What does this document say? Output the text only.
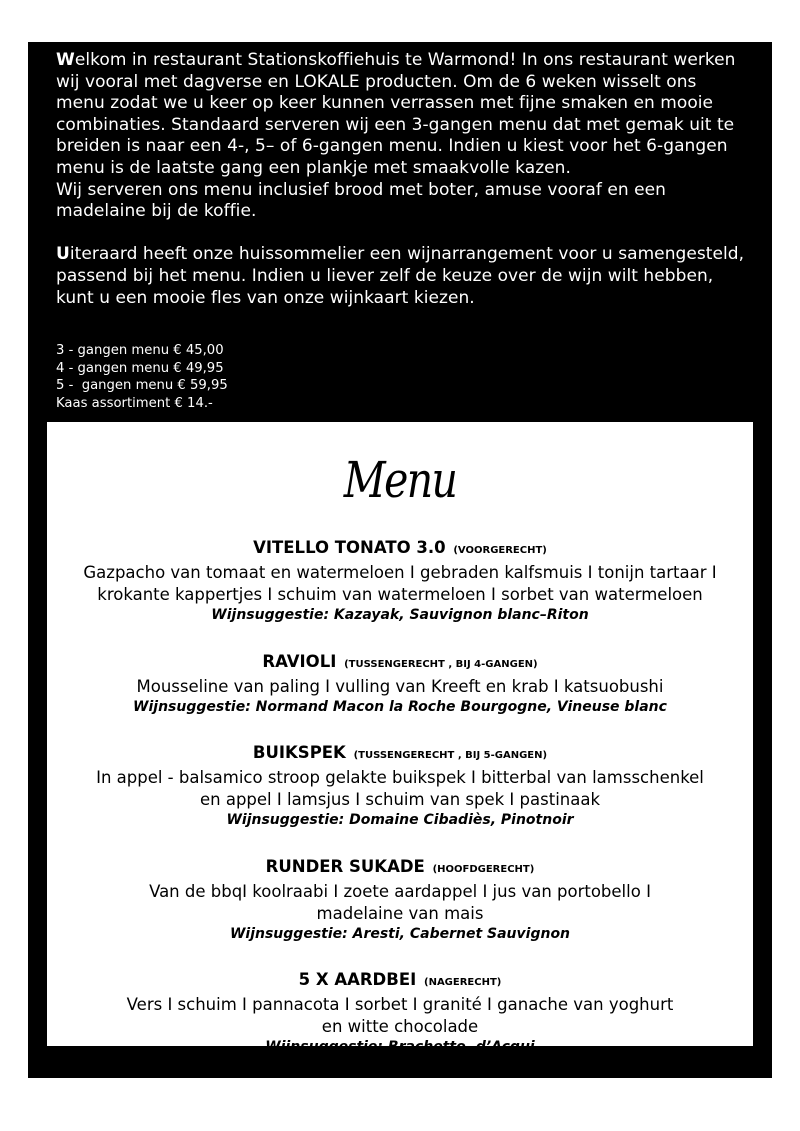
Welkom in restaurant Stationskoffiehuis te Warmond! In ons restaurant werken
wij vooral met dagverse en LOKALE producten. Om de 6 weken wisselt ons
menu zodat we u keer op keer kunnen verrassen met fijne smaken en mooie
combinaties. Standaard serveren wij een 3-gangen menu dat met gemak uit te
breiden is naar een 4-, 5– of 6-gangen menu. Indien u kiest voor het 6-gangen
menu is de laatste gang een plankje met smaakvolle kazen.
Wij serveren ons menu inclusief brood met boter, amuse vooraf en een
madelaine bij de koffie.

Uiteraard heeft onze huissommelier een wijnarrangement voor u samengesteld,
passend bij het menu. Indien u liever zelf de keuze over de wijn wilt hebben,
kunt u een mooie fles van onze wijnkaart kiezen.

3 - gangen menu € 45,00
4 - gangen menu € 49,95
5 -  gangen menu € 59,95
Kaas assortiment € 14.-
Menu
VITELLO TONATO 3.0 (VOORGERECHT)
Gazpacho van tomaat en watermeloen I gebraden kalfsmuis I tonijn tartaar I
krokante kappertjes I schuim van watermeloen I sorbet van watermeloen
Wijnsuggestie: Kazayak, Sauvignon blanc–Riton
RAVIOLI (TUSSENGERECHT , BIJ 4-GANGEN)
Mousseline van paling I vulling van Kreeft en krab I katsuobushi
Wijnsuggestie: Normand Macon la Roche Bourgogne, Vineuse blanc
BUIKSPEK (TUSSENGERECHT , BIJ 5-GANGEN)
In appel - balsamico stroop gelakte buikspek I bitterbal van lamsschenkel
en appel I lamsjus I schuim van spek I pastinaak
Wijnsuggestie: Domaine Cibadiès, Pinotnoir
RUNDER SUKADE (HOOFDGERECHT)
Van de bbqI koolraabi I zoete aardappel I jus van portobello I
madelaine van mais
Wijnsuggestie: Aresti, Cabernet Sauvignon
5 X AARDBEI (NAGERECHT)
Vers I schuim I pannacota I sorbet I granité I ganache van yoghurt
en witte chocolade
Wijnsuggestie: Brachetto, d’Acqui
